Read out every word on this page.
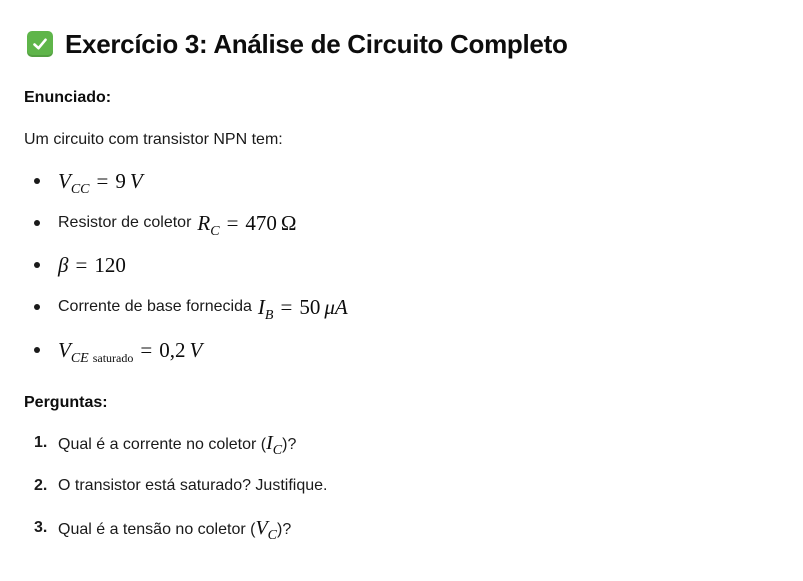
Exercício 3: Análise de Circuito Completo
Enunciado:
Um circuito com transistor NPN tem:
$V_{CC} = 9$ V
Resistor de coletor $R_C = 470$ Ω
β = 120
Corrente de base fornecida $I_B = 50$ μA
$V_{CE saturado} = 0,2$ V
Perguntas:
1. Qual é a corrente no coletor $(I_C)$?
2. O transistor está saturado? Justifique.
3. Qual é a tensão no coletor $(V_C)$?
